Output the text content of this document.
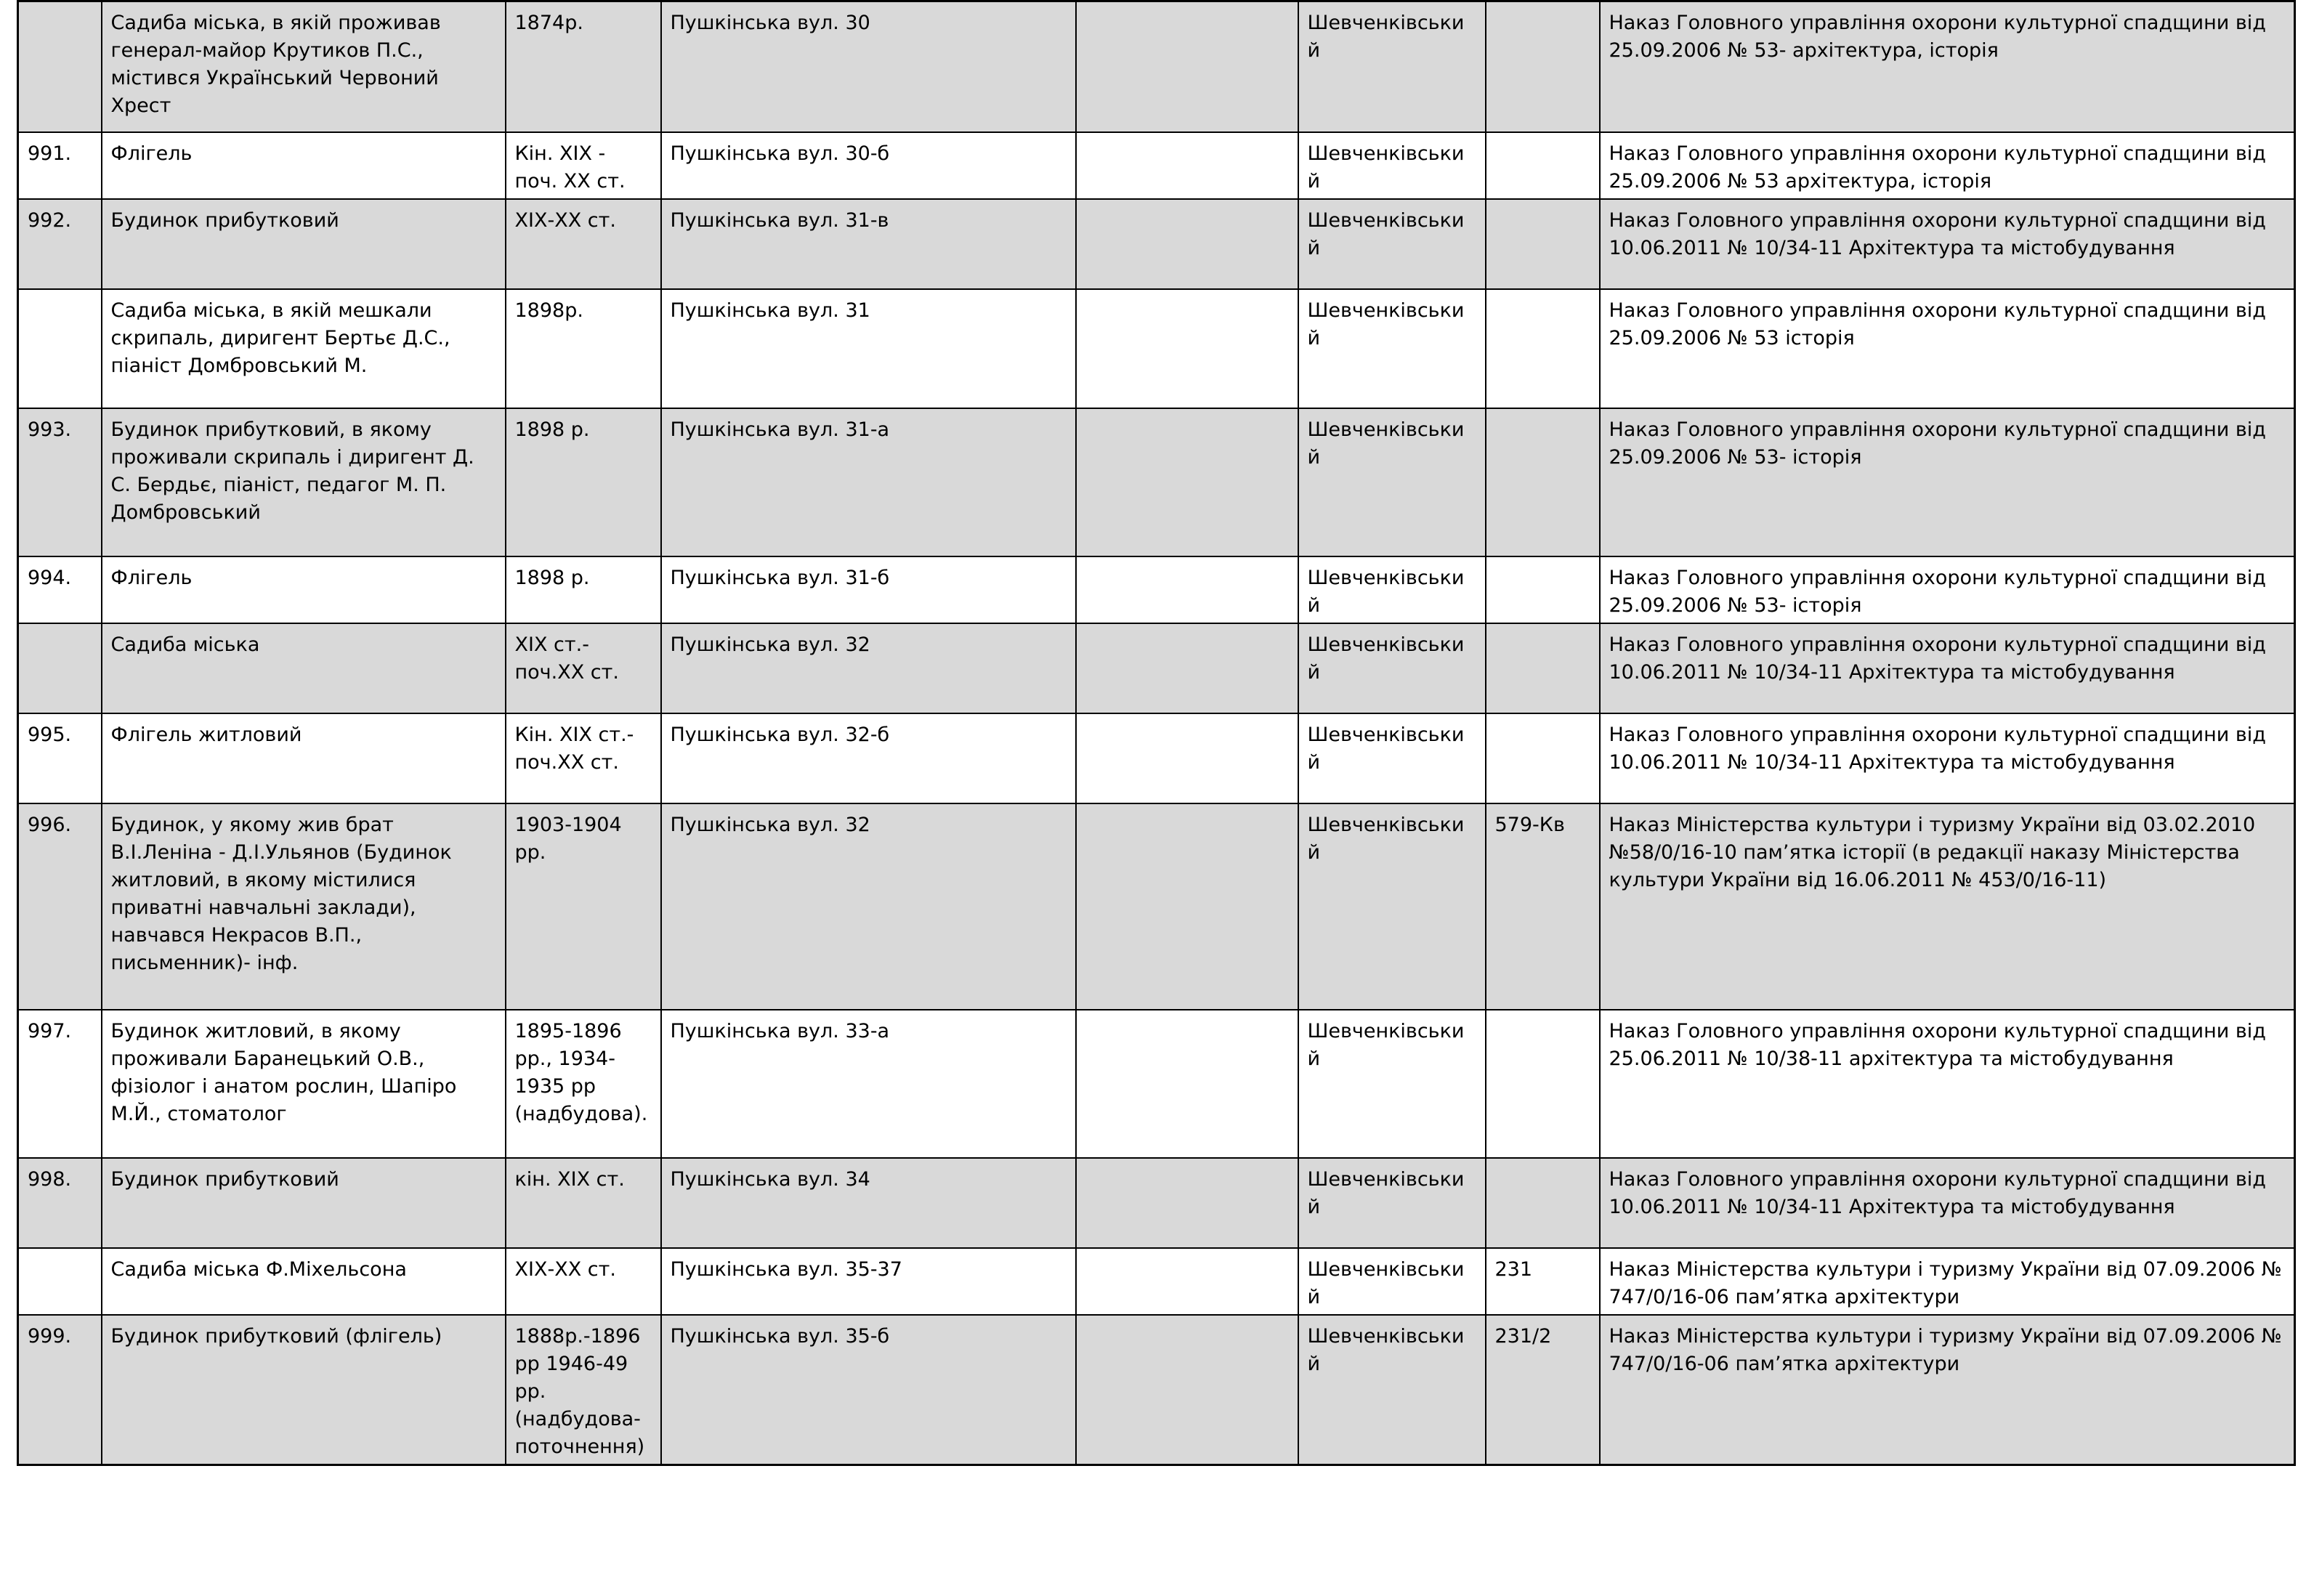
	Садиба міська, в якій проживав генерал-майор Крутиков П.С., містився Український Червоний Хрест	1874р.	Пушкінська вул. 30		Шевченківський		Наказ Головного управління охорони культурної спадщини від 25.09.2006 № 53- архітектура, історія
991.	Флігель	Кін. ХІХ - поч. ХХ ст.	Пушкінська вул. 30-б		Шевченківський		Наказ Головного управління охорони культурної спадщини від 25.09.2006 № 53 архітектура, історія
992.	Будинок прибутковий	ХІХ-ХХ ст.	Пушкінська вул. 31-в		Шевченківський		Наказ Головного управління охорони культурної спадщини від 10.06.2011 № 10/34-11 Архітектура та містобудування
	Садиба міська, в якій мешкали скрипаль, диригент Бертьє Д.С., піаніст Домбровський М.	1898р.	Пушкінська вул. 31		Шевченківський		Наказ Головного управління охорони культурної спадщини від 25.09.2006 № 53 історія
993.	Будинок прибутковий, в якому проживали скрипаль і диригент Д. С. Бердьє, піаніст, педагог М. П. Домбровський	1898 р.	Пушкінська вул. 31-а		Шевченківський		Наказ Головного управління охорони культурної спадщини від 25.09.2006 № 53- історія
994.	Флігель	1898 р.	Пушкінська вул. 31-б		Шевченківський		Наказ Головного управління охорони культурної спадщини від 25.09.2006 № 53- історія
	Садиба міська	ХІХ ст.-поч.ХХ ст.	Пушкінська вул. 32		Шевченківський		Наказ Головного управління охорони культурної спадщини від 10.06.2011 № 10/34-11 Архітектура та містобудування
995.	Флігель житловий	Кін. ХІХ ст.-поч.ХХ ст.	Пушкінська вул. 32-б		Шевченківський		Наказ Головного управління охорони культурної спадщини від 10.06.2011 № 10/34-11 Архітектура та містобудування
996.	Будинок, у якому жив брат В.І.Леніна - Д.І.Ульянов (Будинок житловий, в якому містилися приватні навчальні заклади), навчався Некрасов В.П., письменник)- інф.	1903-1904 рр.	Пушкінська вул. 32		Шевченківський	579-Кв	Наказ Міністерства культури і туризму України від 03.02.2010 №58/0/16-10 пам’ятка історії (в редакції наказу Міністерства культури України від 16.06.2011 № 453/0/16-11)
997.	Будинок житловий, в якому проживали Баранецький О.В., фізіолог і анатом рослин, Шапіро М.Й., стоматолог	1895-1896 рр., 1934-1935 рр (надбудова).	Пушкінська вул. 33-а		Шевченківський		Наказ Головного управління охорони культурної спадщини від 25.06.2011 № 10/38-11 архітектура та містобудування
998.	Будинок прибутковий	кін. ХІХ ст.	Пушкінська вул. 34		Шевченківський		Наказ Головного управління охорони культурної спадщини від 10.06.2011 № 10/34-11 Архітектура та містобудування
	Садиба міська Ф.Міхельсона	ХІХ-ХХ ст.	Пушкінська вул. 35-37		Шевченківський	231	Наказ Міністерства культури і туризму України від 07.09.2006 № 747/0/16-06 пам’ятка архітектури
999.	Будинок прибутковий (флігель)	1888р.-1896 рр 1946-49 рр.(надбудова-поточнення)	Пушкінська вул. 35-б		Шевченківський	231/2	Наказ Міністерства культури і туризму України від 07.09.2006 № 747/0/16-06 пам’ятка архітектури
